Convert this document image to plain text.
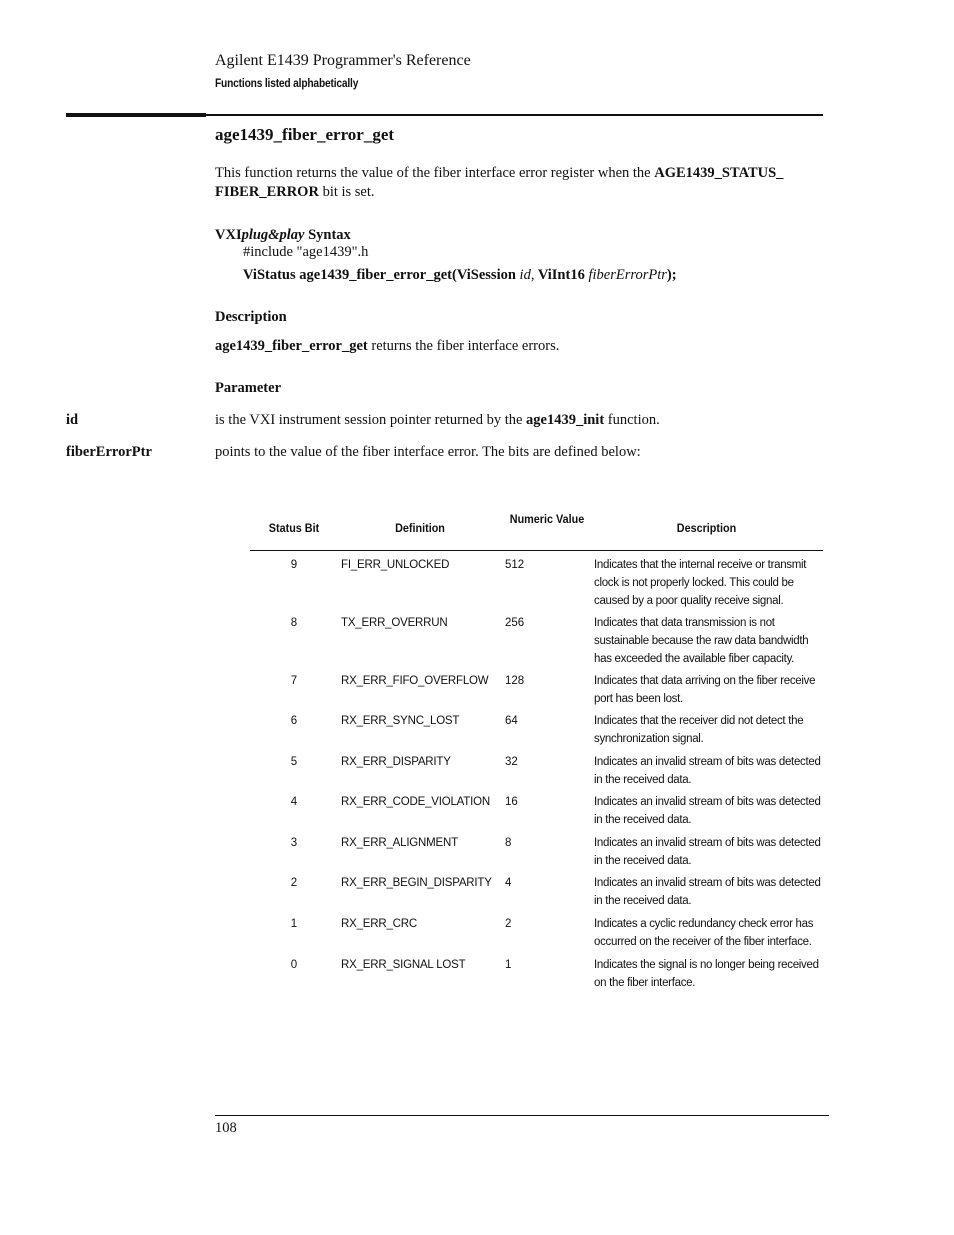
Agilent E1439 Programmer's Reference
Functions listed alphabetically
age1439_fiber_error_get
This function returns the value of the fiber interface error register when the AGE1439_STATUS_ FIBER_ERROR bit is set.
VXIplug&play Syntax
#include "age1439".h
ViStatus age1439_fiber_error_get(ViSession id, ViInt16 fiberErrorPtr);
Description
age1439_fiber_error_get returns the fiber interface errors.
Parameter
id	is the VXI instrument session pointer returned by the age1439_init function.
fiberErrorPtr	points to the value of the fiber interface error. The bits are defined below:
Status Bit	Definition
Numeric Value
Description
9	FI_ERR_UNLOCKED	512	Indicates that the internal receive or transmit clock is not properly locked. This could be caused by a poor quality receive signal.
8	TX_ERR_OVERRUN	256	Indicates that data transmission is not sustainable because the raw data bandwidth has exceeded the available fiber capacity.
7	RX_ERR_FIFO_OVERFLOW 128	Indicates that data arriving on the fiber receive port has been lost.
6	RX_ERR_SYNC_LOST	64	Indicates that the receiver did not detect the synchronization signal.
5	RX_ERR_DISPARITY	32	Indicates an invalid stream of bits was detected in the received data.
4	RX_ERR_CODE_VIOLATION 16	Indicates an invalid stream of bits was detected in the received data.
3	RX_ERR_ALIGNMENT	8	Indicates an invalid stream of bits was detected in the received data.
2	RX_ERR_BEGIN_DISPARITY 4	Indicates an invalid stream of bits was detected in the received data.
1	RX_ERR_CRC	2	Indicates a cyclic redundancy check error has occurred on the receiver of the fiber interface.
0	RX_ERR_SIGNAL LOST	1	Indicates the signal is no longer being received on the fiber interface.
108
